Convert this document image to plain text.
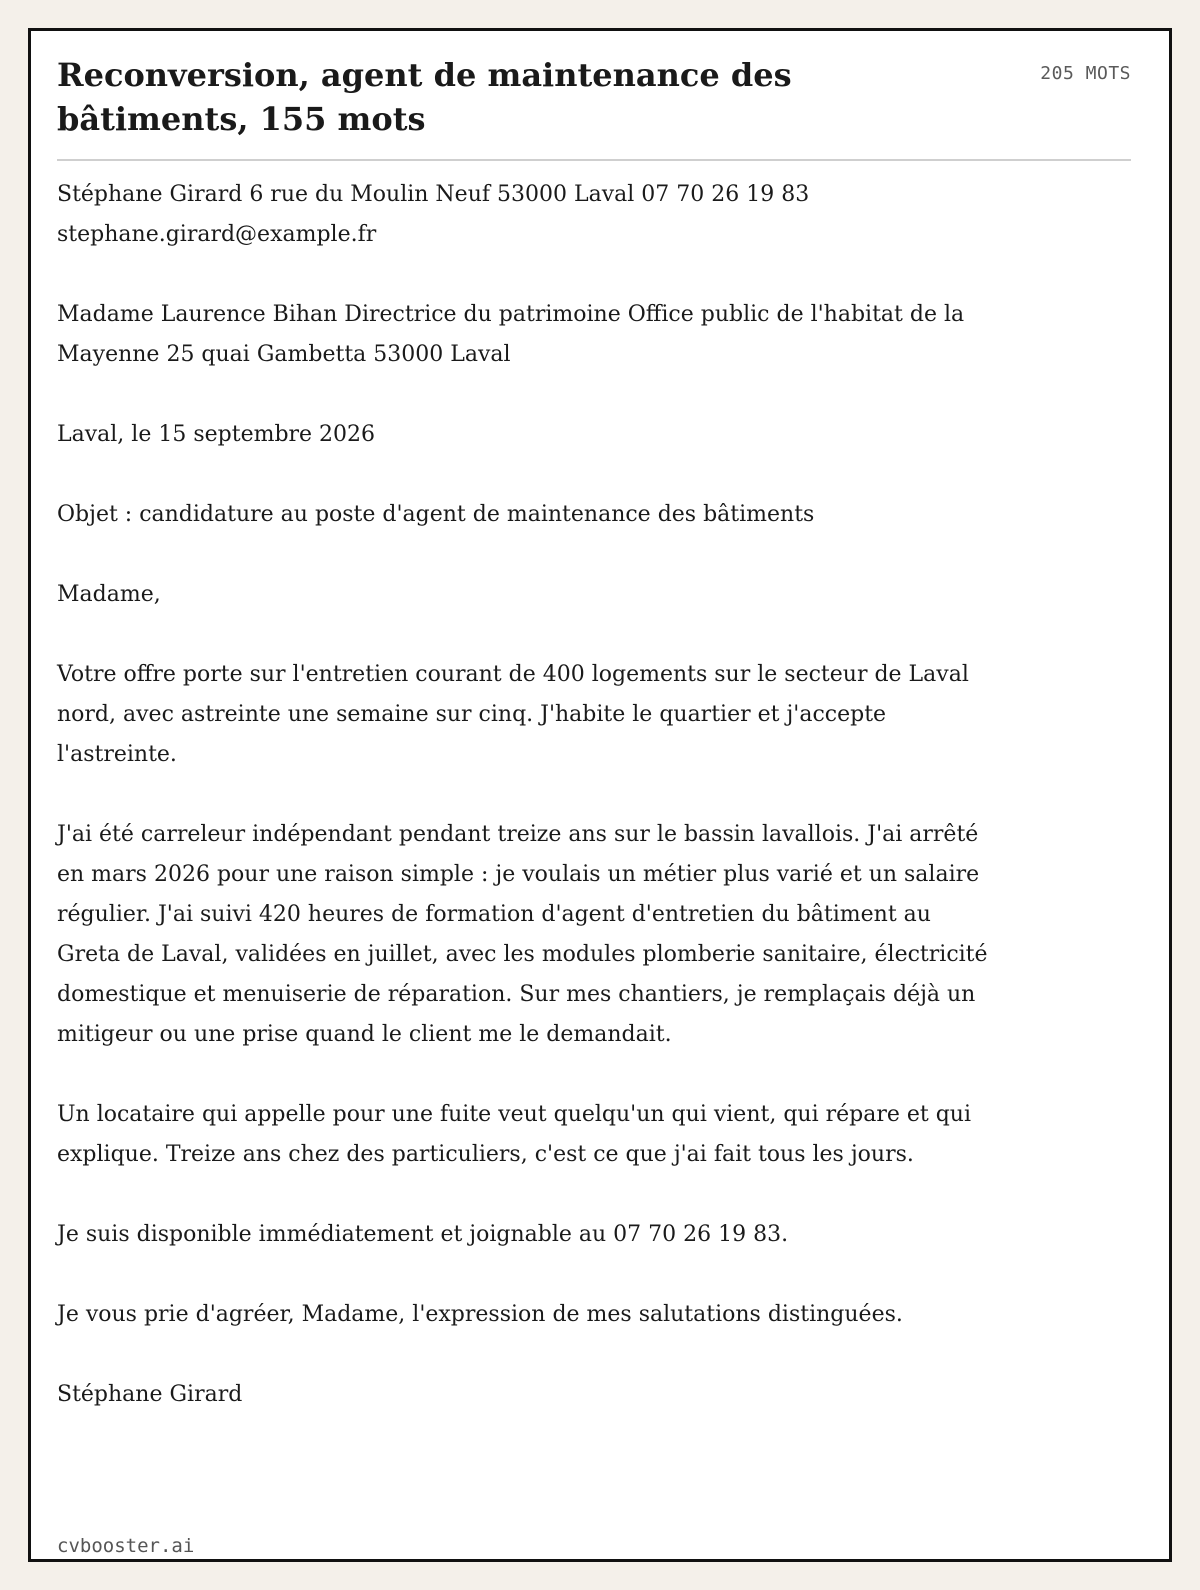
Reconversion, agent de maintenance des bâtiments, 155 mots
205 MOTS

Stéphane Girard 6 rue du Moulin Neuf 53000 Laval 07 70 26 19 83 stephane.girard@example.fr

Madame Laurence Bihan Directrice du patrimoine Office public de l'habitat de la Mayenne 25 quai Gambetta 53000 Laval

Laval, le 15 septembre 2026

Objet : candidature au poste d'agent de maintenance des bâtiments

Madame,

Votre offre porte sur l'entretien courant de 400 logements sur le secteur de Laval nord, avec astreinte une semaine sur cinq. J'habite le quartier et j'accepte l'astreinte.

J'ai été carreleur indépendant pendant treize ans sur le bassin lavallois. J'ai arrêté en mars 2026 pour une raison simple : je voulais un métier plus varié et un salaire régulier. J'ai suivi 420 heures de formation d'agent d'entretien du bâtiment au Greta de Laval, validées en juillet, avec les modules plomberie sanitaire, électricité domestique et menuiserie de réparation. Sur mes chantiers, je remplaçais déjà un mitigeur ou une prise quand le client me le demandait.

Un locataire qui appelle pour une fuite veut quelqu'un qui vient, qui répare et qui explique. Treize ans chez des particuliers, c'est ce que j'ai fait tous les jours.

Je suis disponible immédiatement et joignable au 07 70 26 19 83.

Je vous prie d'agréer, Madame, l'expression de mes salutations distinguées.

Stéphane Girard

cvbooster.ai
